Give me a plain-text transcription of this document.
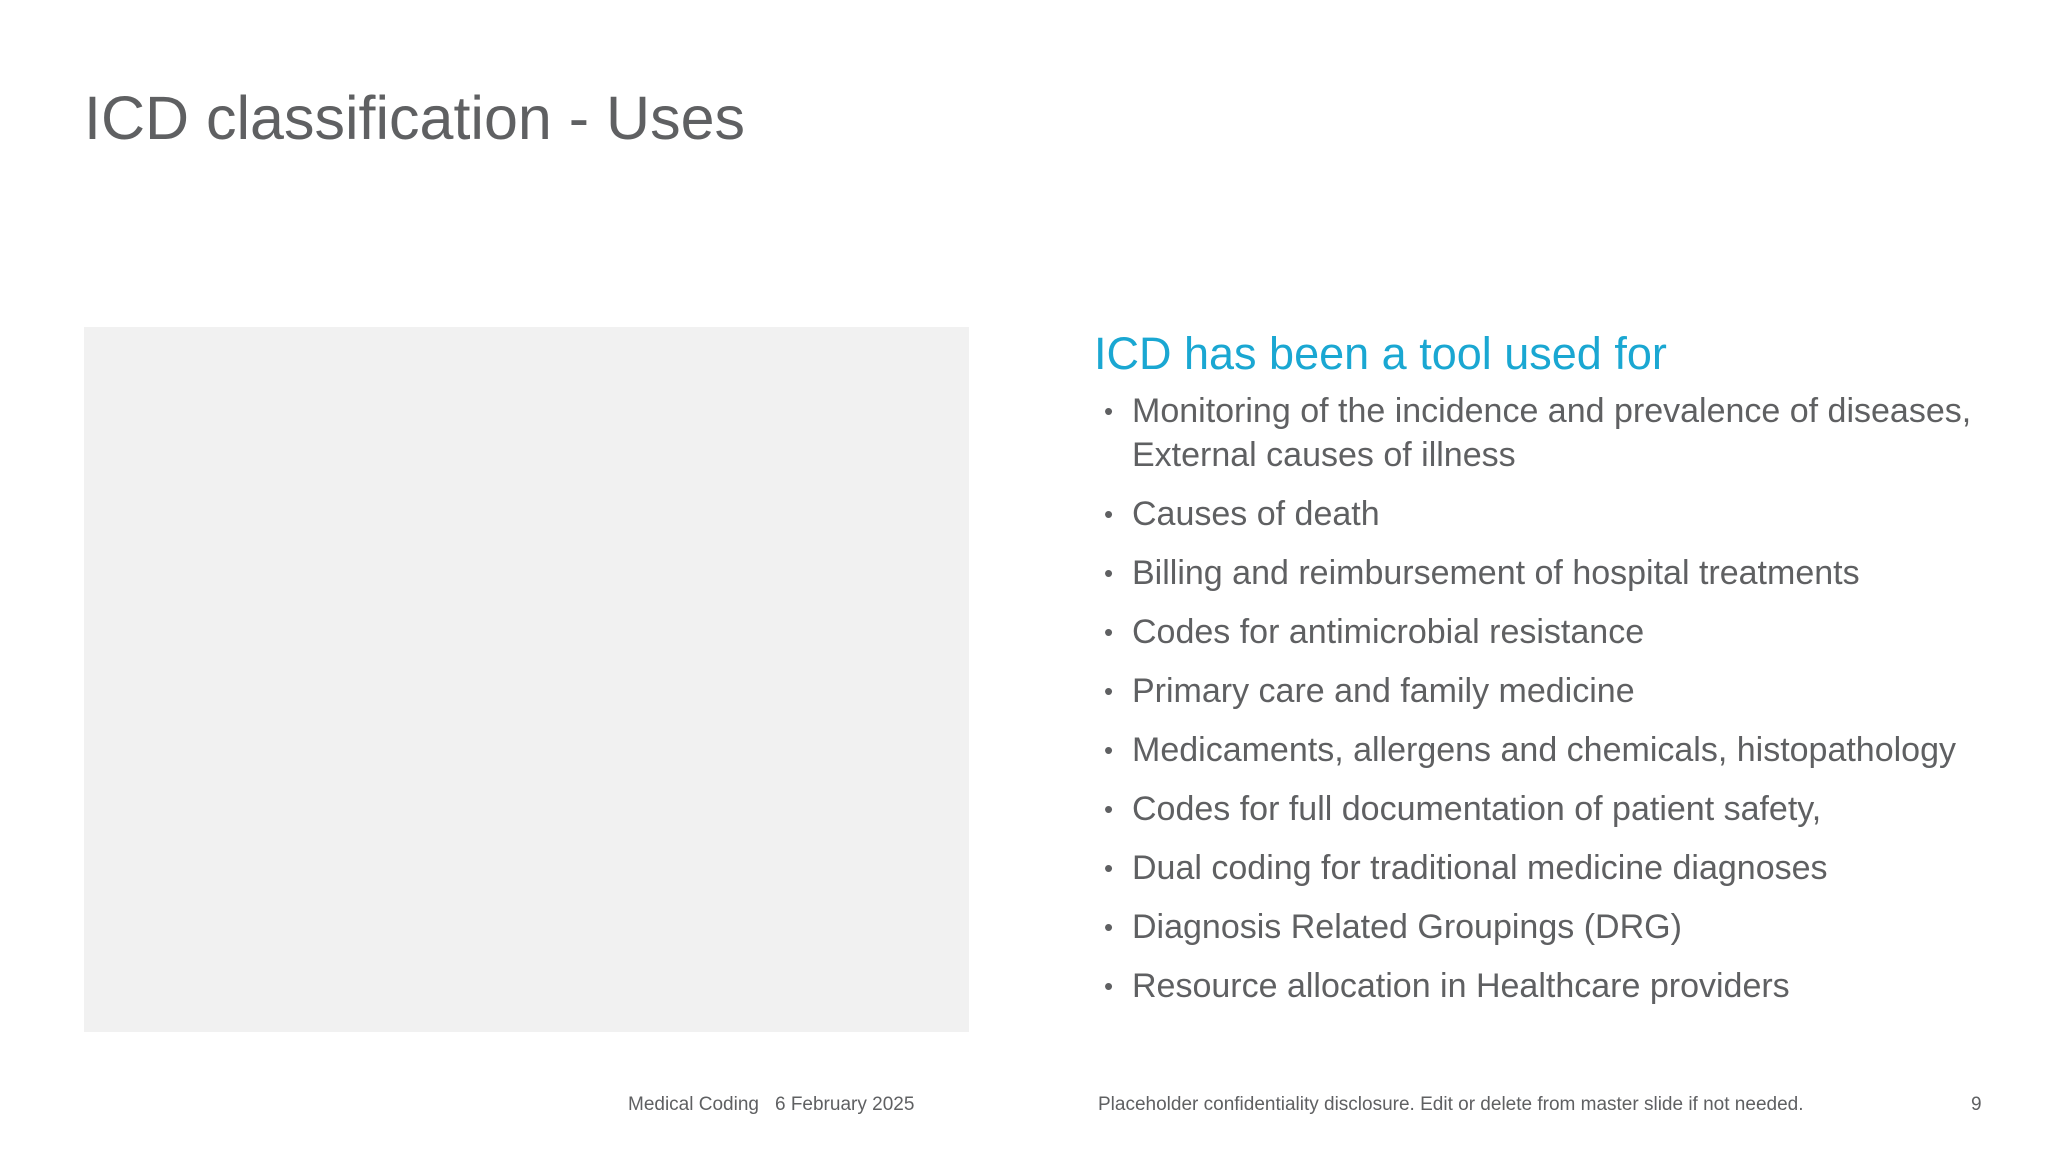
ICD classification - Uses
ICD has been a tool used for
• Monitoring of the incidence and prevalence of diseases, External causes of illness
• Causes of death
• Billing and reimbursement of hospital treatments
• Codes for antimicrobial resistance
• Primary care and family medicine
• Medicaments, allergens and chemicals, histopathology
• Codes for full documentation of patient safety,
• Dual coding for traditional medicine diagnoses
• Diagnosis Related Groupings (DRG)
• Resource allocation in Healthcare providers
Medical Coding 6 February 2025	Placeholder confidentiality disclosure. Edit or delete from master slide if not needed.	9
